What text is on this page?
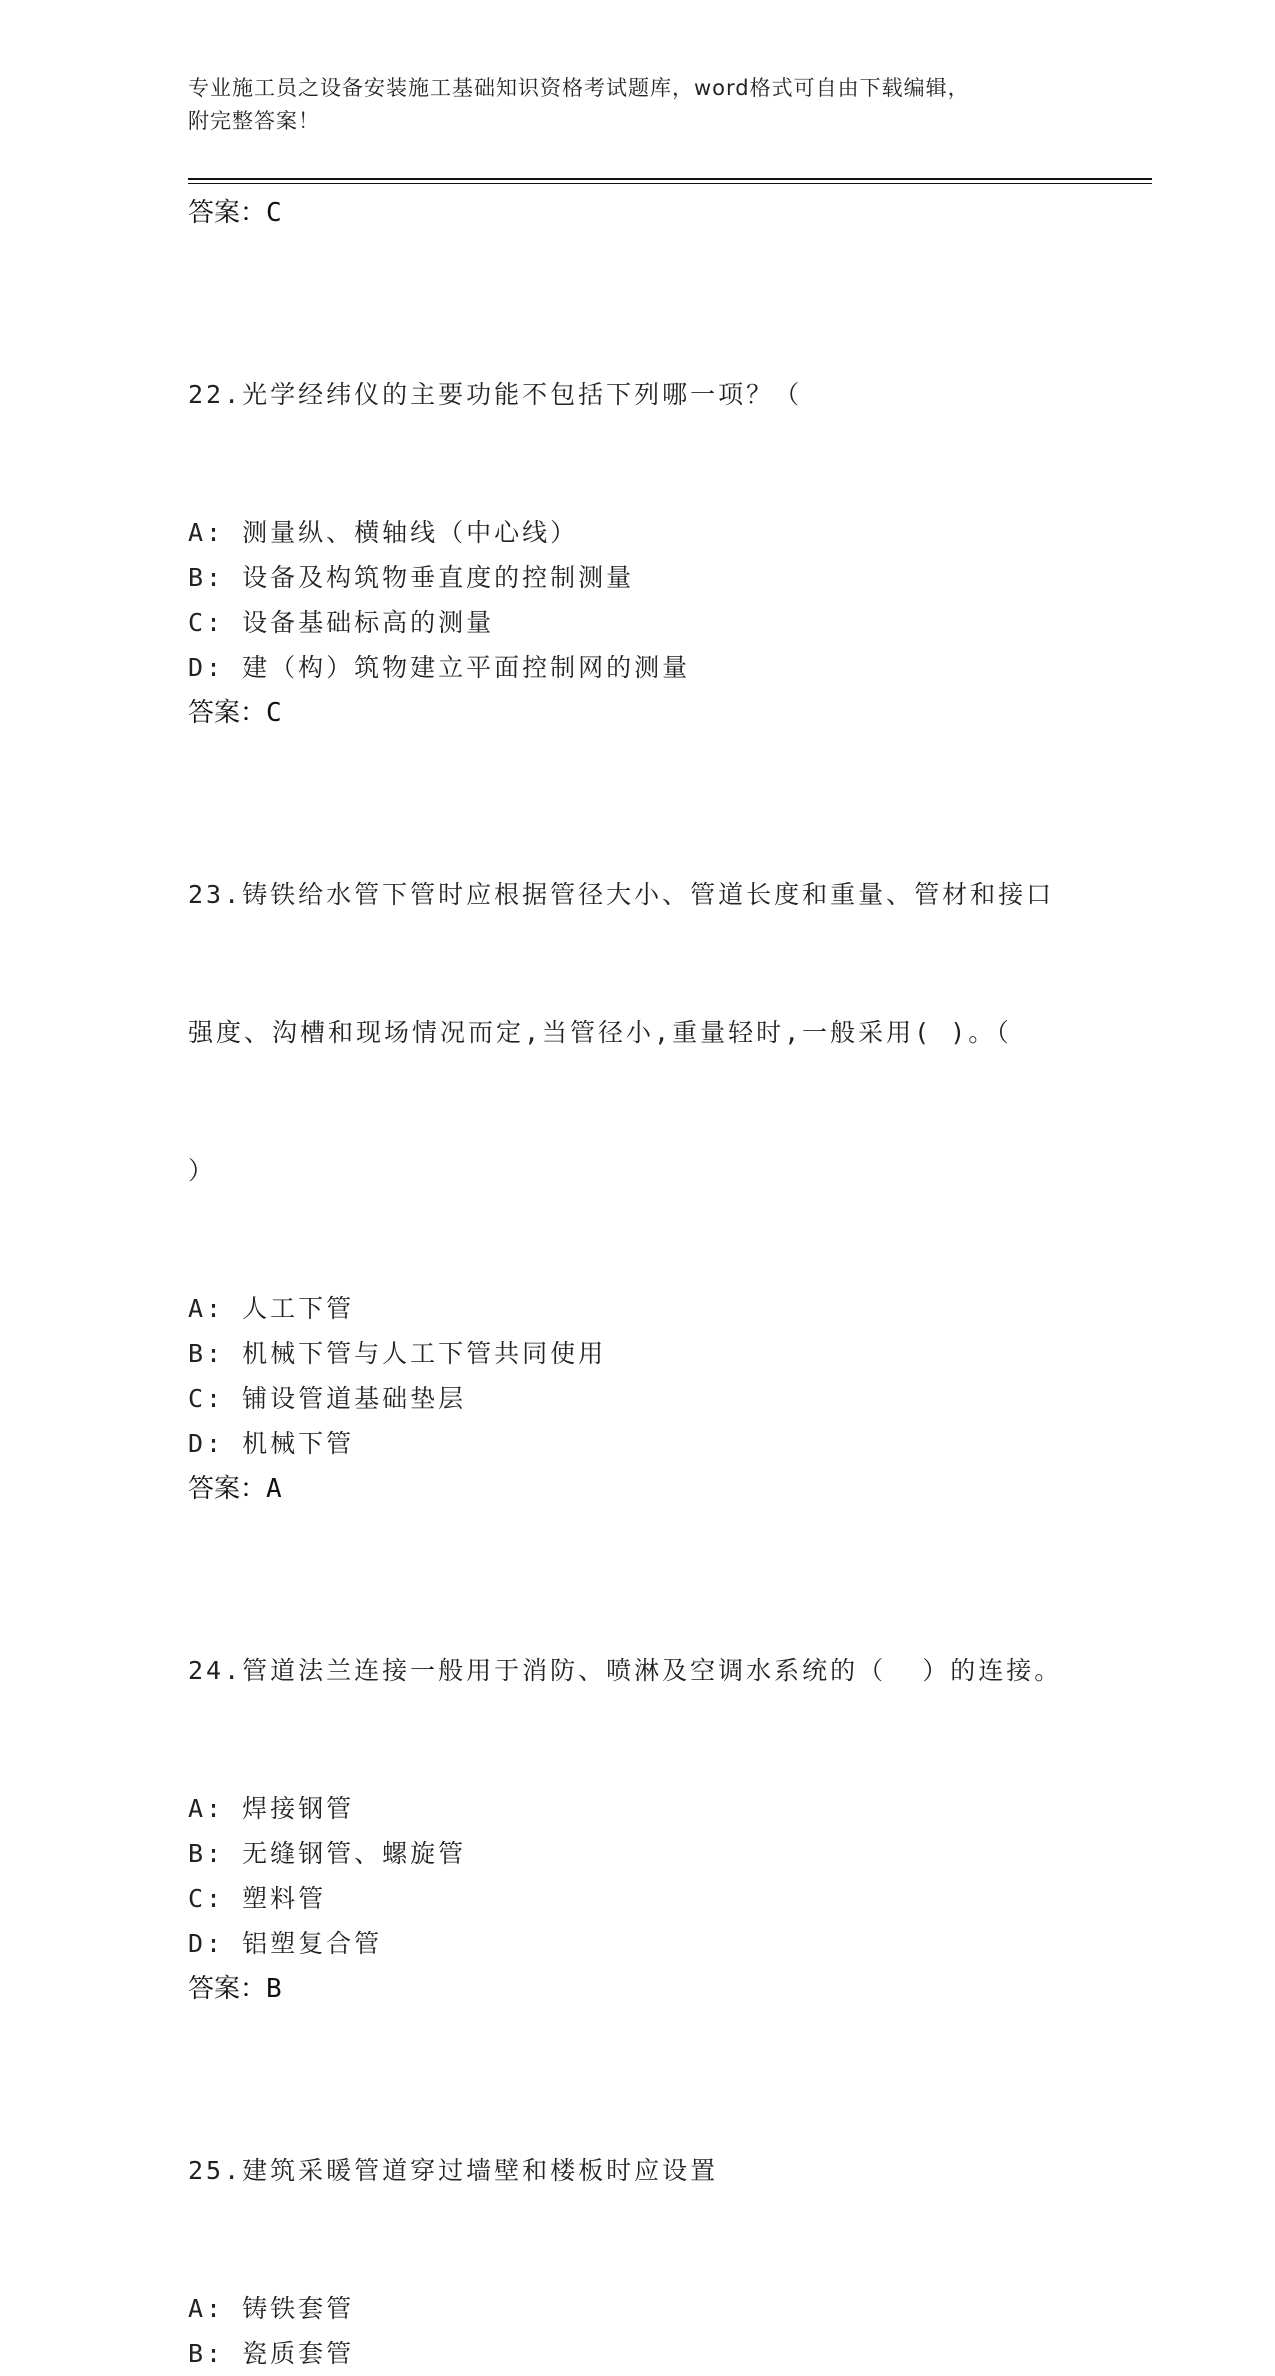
专业施工员之设备安装施工基础知识资格考试题库，word格式可自由下载编辑，
附完整答案！
答案：C

22.光学经纬仪的主要功能不包括下列哪一项？（

A: 测量纵、横轴线（中心线）
B: 设备及构筑物垂直度的控制测量
C: 设备基础标高的测量
D: 建（构）筑物建立平面控制网的测量
答案：C

23.铸铁给水管下管时应根据管径大小、管道长度和重量、管材和接口

强度、沟槽和现场情况而定,当管径小,重量轻时,一般采用( )。（

）

A: 人工下管
B: 机械下管与人工下管共同使用
C: 铺设管道基础垫层
D: 机械下管
答案：A

24.管道法兰连接一般用于消防、喷淋及空调水系统的（  ）的连接。

A: 焊接钢管
B: 无缝钢管、螺旋管
C: 塑料管
D: 铝塑复合管
答案：B

25.建筑采暖管道穿过墙壁和楼板时应设置

A: 铸铁套管
B: 瓷质套管
